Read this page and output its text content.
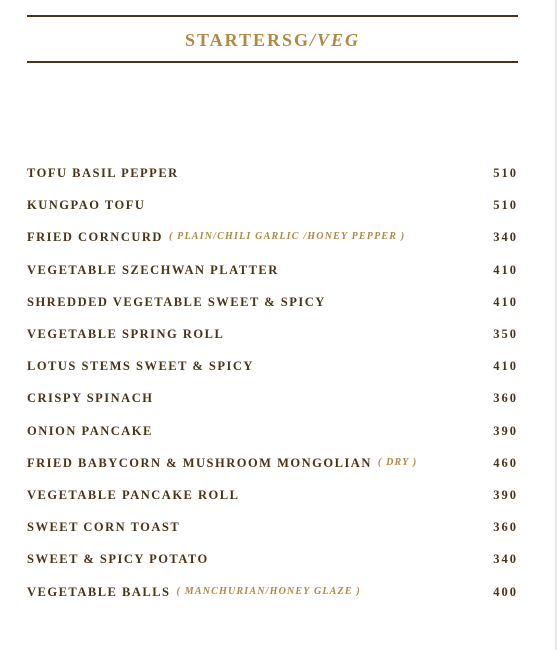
STARTERSG/VEG
TOFU BASIL PEPPER	510
KUNGPAO TOFU	510
FRIED CORNCURD ( PLAIN/CHILI GARLIC /HONEY PEPPER )	340
VEGETABLE SZECHWAN PLATTER	410
SHREDDED VEGETABLE SWEET & SPICY	410
VEGETABLE SPRING ROLL	350
LOTUS STEMS SWEET & SPICY	410
CRISPY SPINACH	360
ONION PANCAKE	390
FRIED BABYCORN & MUSHROOM MONGOLIAN ( DRY )	460
VEGETABLE PANCAKE ROLL	390
SWEET CORN TOAST	360
SWEET & SPICY POTATO	340
VEGETABLE BALLS ( MANCHURIAN/HONEY GLAZE )	400
